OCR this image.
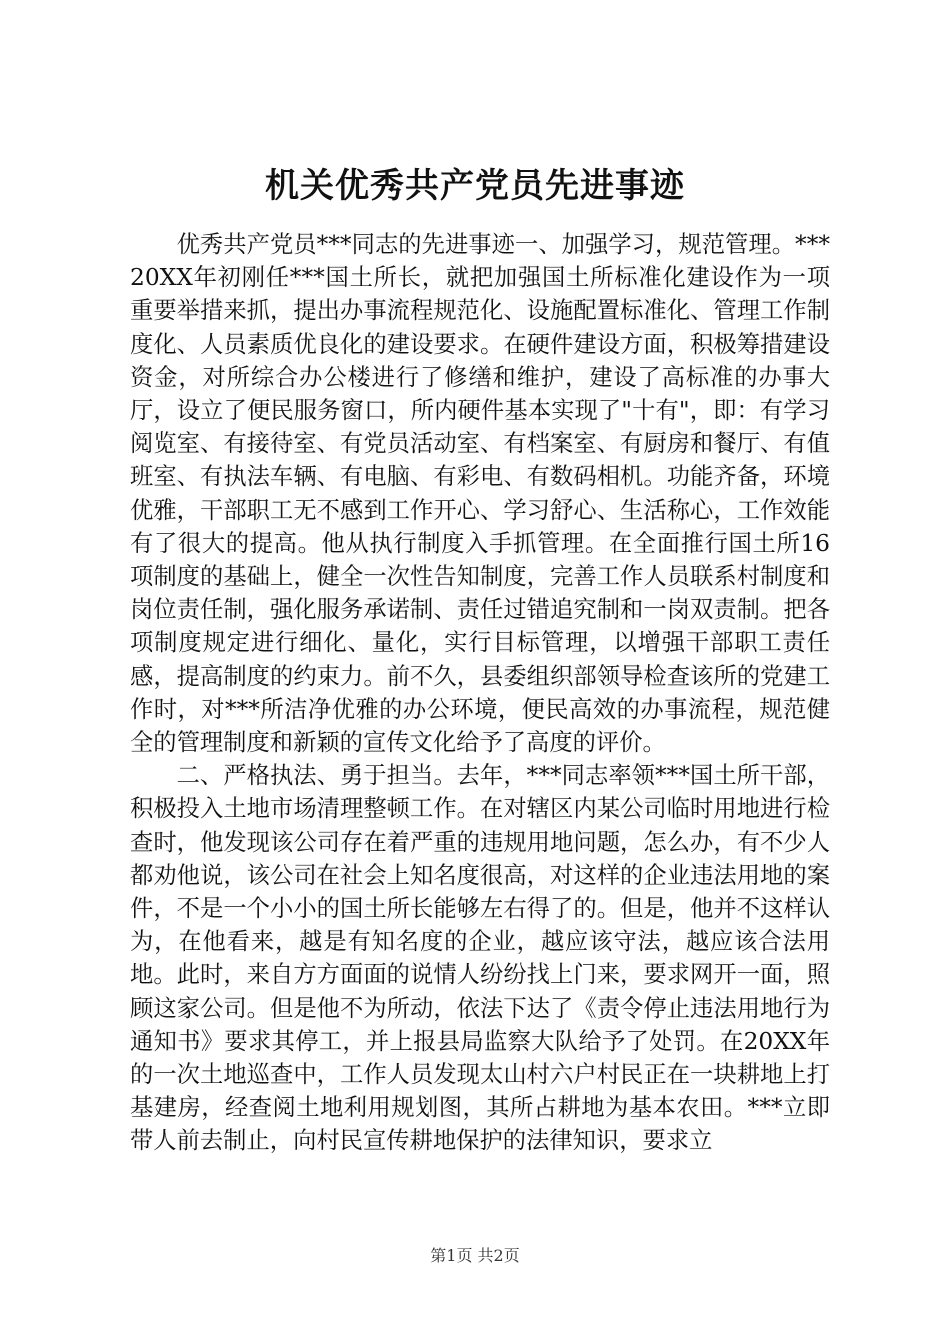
机关优秀共产党员先进事迹

优秀共产党员***同志的先进事迹一、加强学习，规范管理。***20XX年初刚任***国土所长，就把加强国土所标准化建设作为一项重要举措来抓，提出办事流程规范化、设施配置标准化、管理工作制度化、人员素质优良化的建设要求。在硬件建设方面，积极筹措建设资金，对所综合办公楼进行了修缮和维护，建设了高标准的办事大厅，设立了便民服务窗口，所内硬件基本实现了"十有"，即：有学习阅览室、有接待室、有党员活动室、有档案室、有厨房和餐厅、有值班室、有执法车辆、有电脑、有彩电、有数码相机。功能齐备，环境优雅，干部职工无不感到工作开心、学习舒心、生活称心，工作效能有了很大的提高。他从执行制度入手抓管理。在全面推行国土所16项制度的基础上，健全一次性告知制度，完善工作人员联系村制度和岗位责任制，强化服务承诺制、责任过错追究制和一岗双责制。把各项制度规定进行细化、量化，实行目标管理，以增强干部职工责任感，提高制度的约束力。前不久，县委组织部领导检查该所的党建工作时，对***所洁净优雅的办公环境，便民高效的办事流程，规范健全的管理制度和新颖的宣传文化给予了高度的评价。

二、严格执法、勇于担当。去年，***同志率领***国土所干部，积极投入土地市场清理整顿工作。在对辖区内某公司临时用地进行检查时，他发现该公司存在着严重的违规用地问题，怎么办，有不少人都劝他说，该公司在社会上知名度很高，对这样的企业违法用地的案件，不是一个小小的国土所长能够左右得了的。但是，他并不这样认为，在他看来，越是有知名度的企业，越应该守法，越应该合法用地。此时，来自方方面面的说情人纷纷找上门来，要求网开一面，照顾这家公司。但是他不为所动，依法下达了《责令停止违法用地行为通知书》要求其停工，并上报县局监察大队给予了处罚。在20XX年的一次土地巡查中，工作人员发现太山村六户村民正在一块耕地上打基建房，经查阅土地利用规划图，其所占耕地为基本农田。***立即带人前去制止，向村民宣传耕地保护的法律知识，要求立

第1页 共2页
